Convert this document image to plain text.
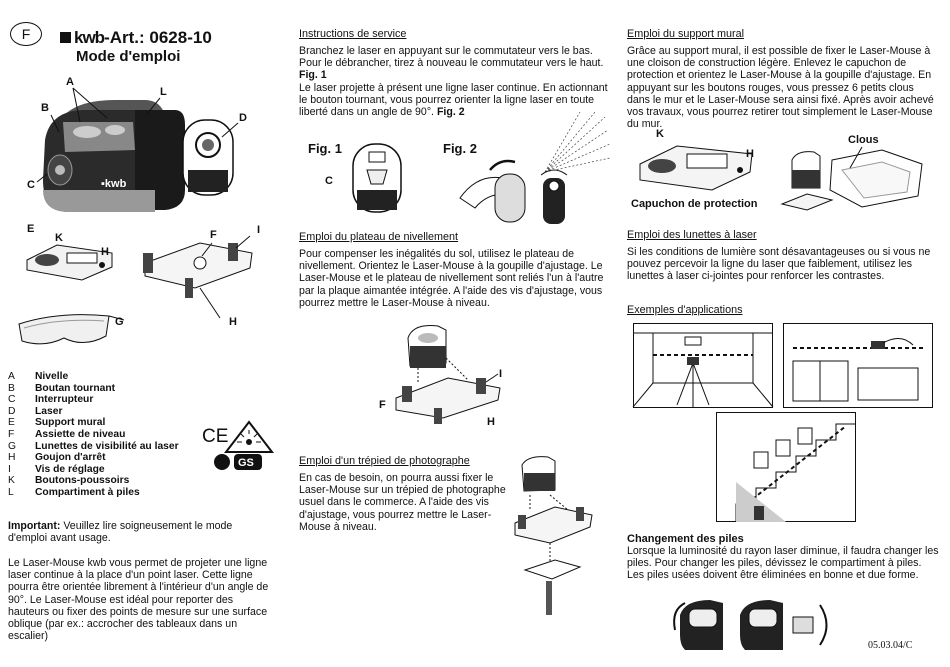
F	kwb-Art.: 0628-10
Mode d'emploi
▪kwb
A
L
B
C
D
E
K
H
F	I
H
G
A	Nivelle
B	Boutan tournant
C	Interrupteur
D	Laser
E	Support mural
F	Assiette de niveau
G	Lunettes de visibilité au laser
H	Goujon d'arrêt
I	Vis de réglage
K	Boutons-poussoirs
L	Compartiment à piles
CE
GS
Important: Veuillez lire soigneusement le mode d'emploi avant usage.
Le Laser-Mouse kwb vous permet de projeter une ligne laser continue à la place d'un point laser. Cette ligne pourra être orientée librement à l'intérieur d'un angle de 90°. Le Laser-Mouse est idéal pour reporter des hauteurs ou fixer des points de mesure sur une surface oblique (par ex.: accrocher des tableaux dans un escalier)
Instructions de service
Branchez le laser en appuyant sur le commutateur vers le bas. Pour le débrancher, tirez à nouveau le commutateur vers le haut. Fig. 1
Le laser projette à présent une ligne laser continue. En actionnant le bouton tournant, vous pourrez orienter la ligne laser en toute liberté dans un angle de 90°. Fig. 2
Fig. 1	Fig. 2
C
Emploi du plateau de nivellement
Pour compenser les inégalités du sol, utilisez le plateau de nivellement. Orientez le Laser-Mouse à la goupille d'ajustage. Le Laser-Mouse et le plateau de nivellement sont reliés l'un à l'autre par la plaque aimantée intégrée. A l'aide des vis d'ajustage, vous pourrez mettre le Laser-Mouse à niveau.
I
F
H
Emploi d'un trépied de photographe
En cas de besoin, on pourra aussi fixer le Laser-Mouse sur un trépied de photographe usuel dans le commerce. A l'aide des vis d'ajustage, vous pourrez mettre le Laser-Mouse à niveau.
Emploi du support mural
Grâce au support mural, il est possible de fixer le Laser-Mouse à une cloison de construction légère. Enlevez le capuchon de protection et orientez le Laser-Mouse à la goupille d'ajustage. En appuyant sur les boutons rouges, vous pressez 6 petits clous dans le mur et le Laser-Mouse sera ainsi fixé. Après avoir achevé vos travaux, vous pourrez retirer tout simplement le Laser-Mouse du mur.
K
H
Clous
Capuchon de protection
Emploi des lunettes à laser
Si les conditions de lumière sont désavantageuses ou si vous ne pouvez percevoir la ligne du laser que faiblement, utilisez les lunettes à laser ci-jointes pour renforcer les contrastes.
Exemples d'applications
Changement des piles
Lorsque la luminosité du rayon laser diminue, il faudra changer les piles. Pour changer les piles, dévissez le compartiment à piles. Les piles usées doivent être éliminées en bonne et due forme.
05.03.04/C
